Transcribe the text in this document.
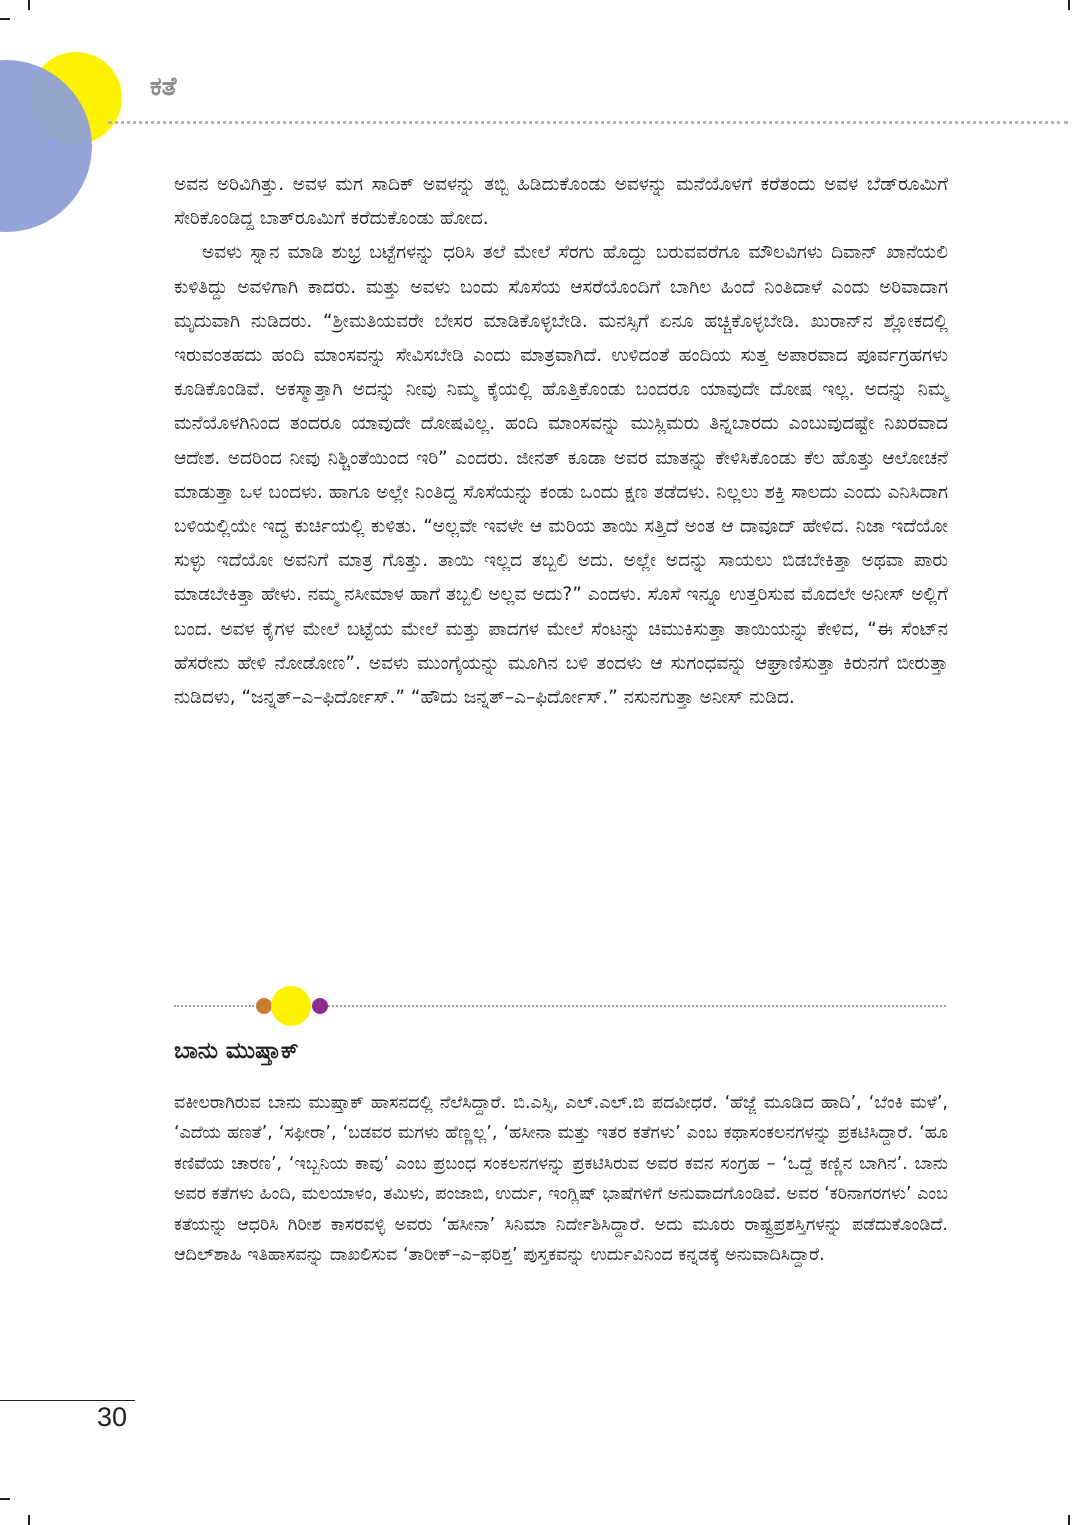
ಕತೆ

ಅವನ ಅರಿವಿಗಿತ್ತು. ಅವಳ ಮಗ ಸಾದಿಕ್ ಅವಳನ್ನು ತಬ್ಬಿ ಹಿಡಿದುಕೊಂಡು ಅವಳನ್ನು ಮನೆಯೊಳಗೆ ಕರೆತಂದು ಅವಳ ಬೆಡ್‌ರೂಮಿಗೆ ಸೇರಿಕೊಂಡಿದ್ದ ಬಾತ್‌ರೂಮಿಗೆ ಕರೆದುಕೊಂಡು ಹೋದ.

ಅವಳು ಸ್ನಾನ ಮಾಡಿ ಶುಭ್ರ ಬಟ್ಟೆಗಳನ್ನು ಧರಿಸಿ ತಲೆ ಮೇಲೆ ಸೆರಗು ಹೊದ್ದು ಬರುವವರೆಗೂ ಮೌಲವಿಗಳು ದಿವಾನ್ ಖಾನೆಯಲಿ ಕುಳಿತಿದ್ದು ಅವಳಿಗಾಗಿ ಕಾದರು. ಮತ್ತು ಅವಳು ಬಂದು ಸೊಸೆಯ ಆಸರೆಯೊಂದಿಗೆ ಬಾಗಿಲ ಹಿಂದೆ ನಿಂತಿದಾಳೆ ಎಂದು ಅರಿವಾದಾಗ ಮೃದುವಾಗಿ ನುಡಿದರು. “ಶ್ರೀಮತಿಯವರೇ ಬೇಸರ ಮಾಡಿಕೊಳ್ಳಬೇಡಿ. ಮನಸ್ಸಿಗೆ ಏನೂ ಹಚ್ಚಿಕೊಳ್ಳಬೇಡಿ. ಖುರಾನ್‌ನ ಶ್ಲೋಕದಲ್ಲಿ ಇರುವಂತಹದು ಹಂದಿ ಮಾಂಸವನ್ನು ಸೇವಿಸಬೇಡಿ ಎಂದು ಮಾತ್ರವಾಗಿದೆ. ಉಳಿದಂತೆ ಹಂದಿಯ ಸುತ್ತ ಅಪಾರವಾದ ಪೂರ್ವಗ್ರಹಗಳು ಕೂಡಿಕೊಂಡಿವೆ. ಅಕಸ್ಮಾತ್ತಾಗಿ ಅದನ್ನು ನೀವು ನಿಮ್ಮ ಕೈಯಲ್ಲಿ ಹೊತ್ತಿಕೊಂಡು ಬಂದರೂ ಯಾವುದೇ ದೋಷ ಇಲ್ಲ. ಅದನ್ನು ನಿಮ್ಮ ಮನೆಯೊಳಗಿನಿಂದ ತಂದರೂ ಯಾವುದೇ ದೋಷವಿಲ್ಲ. ಹಂದಿ ಮಾಂಸವನ್ನು ಮುಸ್ಲಿಮರು ತಿನ್ನಬಾರದು ಎಂಬುವುದಷ್ಟೇ ನಿಖರವಾದ ಆದೇಶ. ಅದರಿಂದ ನೀವು ನಿಶ್ಚಿಂತೆಯಿಂದ ಇರಿ” ಎಂದರು. ಜೀನತ್ ಕೂಡಾ ಅವರ ಮಾತನ್ನು ಕೇಳಿಸಿಕೊಂಡು ಕೆಲ ಹೊತ್ತು ಆಲೋಚನೆ ಮಾಡುತ್ತಾ ಒಳ ಬಂದಳು. ಹಾಗೂ ಅಲ್ಲೇ ನಿಂತಿದ್ದ ಸೊಸೆಯನ್ನು ಕಂಡು ಒಂದು ಕ್ಷಣ ತಡೆದಳು. ನಿಲ್ಲಲು ಶಕ್ತಿ ಸಾಲದು ಎಂದು ಎನಿಸಿದಾಗ ಬಳಿಯಲ್ಲಿಯೇ ಇದ್ದ ಕುರ್ಚಿಯಲ್ಲಿ ಕುಳಿತು. “ಅಲ್ಲವೇ ಇವಳೇ ಆ ಮರಿಯ ತಾಯಿ ಸತ್ತಿದೆ ಅಂತ ಆ ದಾವೂದ್ ಹೇಳಿದ. ನಿಜಾ ಇದೆಯೋ ಸುಳ್ಳು ಇದೆಯೋ ಅವನಿಗೆ ಮಾತ್ರ ಗೊತ್ತು. ತಾಯಿ ಇಲ್ಲದ ತಬ್ಬಲಿ ಅದು. ಅಲ್ಲೇ ಅದನ್ನು ಸಾಯಲು ಬಿಡಬೇಕಿತ್ತಾ ಅಥವಾ ಪಾರು ಮಾಡಬೇಕಿತ್ತಾ ಹೇಳು. ನಮ್ಮ ನಸೀಮಾಳ ಹಾಗೆ ತಬ್ಬಲಿ ಅಲ್ಲವ ಅದು?” ಎಂದಳು. ಸೊಸೆ ಇನ್ನೂ ಉತ್ತರಿಸುವ ಮೊದಲೇ ಅನೀಸ್ ಅಲ್ಲಿಗೆ ಬಂದ. ಅವಳ ಕೈಗಳ ಮೇಲೆ ಬಟ್ಟೆಯ ಮೇಲೆ ಮತ್ತು ಪಾದಗಳ ಮೇಲೆ ಸೆಂಟನ್ನು ಚಿಮುಕಿಸುತ್ತಾ ತಾಯಿಯನ್ನು ಕೇಳಿದ, “ಈ ಸೆಂಟ್‌ನ ಹೆಸರೇನು ಹೇಳಿ ನೋಡೋಣ”. ಅವಳು ಮುಂಗೈಯನ್ನು ಮೂಗಿನ ಬಳಿ ತಂದಳು ಆ ಸುಗಂಧವನ್ನು ಆಘ್ರಾಣಿಸುತ್ತಾ ಕಿರುನಗೆ ಬೀರುತ್ತಾ ನುಡಿದಳು, “ಜನ್ನತ್–ಎ–ಫಿರ್ದೋಸ್.” “ಹೌದು ಜನ್ನತ್–ಎ–ಫಿರ್ದೋಸ್.” ನಸುನಗುತ್ತಾ ಅನೀಸ್ ನುಡಿದ.

ಬಾನು ಮುಷ್ತಾಕ್

ವಕೀಲರಾಗಿರುವ ಬಾನು ಮುಷ್ತಾಕ್ ಹಾಸನದಲ್ಲಿ ನೆಲೆಸಿದ್ದಾರೆ. ಬಿ.ಎಸ್ಸಿ, ಎಲ್.ಎಲ್.ಬಿ ಪದವೀಧರೆ. ‘ಹೆಜ್ಜೆ ಮೂಡಿದ ಹಾದಿ’, ‘ಬೆಂಕಿ ಮಳೆ’, ‘ಎದೆಯ ಹಣತೆ’, ‘ಸಫೀರಾ’, ‘ಬಡವರ ಮಗಳು ಹೆಣ್ಣಲ್ಲ’, ‘ಹಸೀನಾ ಮತ್ತು ಇತರ ಕತೆಗಳು’ ಎಂಬ ಕಥಾಸಂಕಲನಗಳನ್ನು ಪ್ರಕಟಿಸಿದ್ದಾರೆ. ‘ಹೂ ಕಣಿವೆಯ ಚಾರಣ’, ‘ಇಬ್ಬನಿಯ ಕಾವು’ ಎಂಬ ಪ್ರಬಂಧ ಸಂಕಲನಗಳನ್ನು ಪ್ರಕಟಿಸಿರುವ ಅವರ ಕವನ ಸಂಗ್ರಹ – ‘ಒದ್ದೆ ಕಣ್ಣಿನ ಬಾಗಿನ’. ಬಾನು ಅವರ ಕತೆಗಳು ಹಿಂದಿ, ಮಲಯಾಳಂ, ತಮಿಳು, ಪಂಜಾಬಿ, ಉರ್ದು, ಇಂಗ್ಲಿಷ್ ಭಾಷೆಗಳಿಗೆ ಅನುವಾದಗೊಂಡಿವೆ. ಅವರ ‘ಕರಿನಾಗರಗಳು’ ಎಂಬ ಕತೆಯನ್ನು ಆಧರಿಸಿ ಗಿರೀಶ ಕಾಸರವಳ್ಳಿ ಅವರು ‘ಹಸೀನಾ’ ಸಿನಿಮಾ ನಿರ್ದೇಶಿಸಿದ್ದಾರೆ. ಅದು ಮೂರು ರಾಷ್ಟ್ರಪ್ರಶಸ್ತಿಗಳನ್ನು ಪಡೆದುಕೊಂಡಿದೆ. ಆದಿಲ್‌ಶಾಹಿ ಇತಿಹಾಸವನ್ನು ದಾಖಲಿಸುವ ‘ತಾರೀಕ್–ಎ–ಫರಿಶ್ತ’ ಪುಸ್ತಕವನ್ನು ಉರ್ದುವಿನಿಂದ ಕನ್ನಡಕ್ಕೆ ಅನುವಾದಿಸಿದ್ದಾರೆ.

30
